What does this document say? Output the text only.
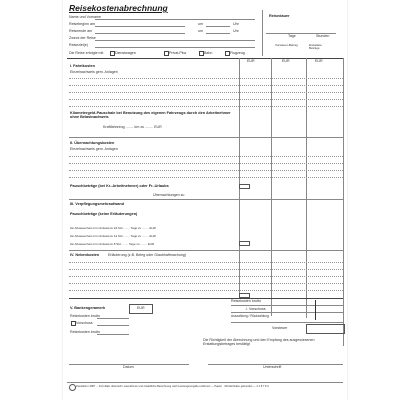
Reisekostenabrechnung
Name und Vorname
Reisebeginn am	um	Uhr
Reiseende am	um	Uhr
Zweck der Reise
Reiseziel(e)
Die Reise erfolgte mit	Dienstwagen	Privat-Pkw	Bahn	Flugzeug
Reisedauer
Tage	Stunden
Vorsteuer-Betrag	Erstattete Beträge
EUR	EUR	EUR
I. Fahrtkosten
Einzelnachweis gem. Anlagen
Kilometergeld-Pauschale bei Benutzung des eigenen Fahrzeugs durch den Arbeitnehmer ohne Belastnachweis
Kraftfahrzeug ........ km zu ........ EUR
II. Übernachtungskosten
Einzelnachweis gem. Anlagen
Pauschbeträge (bei Kr.-Arbeitnehmer) oder Fr.-Urlaubs
Übernachtungen zu
III. Verpflegungsmehraufwand
Pauschbeträge (keine Erläuterungen)
bei Abwesenheit mit mindestens 24 Std ........ Tage zu ........ EUR
bei Abwesenheit mit mindestens 14 Std ........ Tage zu ........ EUR
bei Abwesenheit mit mindestens 8 Std ........ Tage zu ........ EUR
IV. Nebenkosten Erläuterung (z.B. Beleg oder Glaubhaftmachung)
Reisekosten brutto
./. Vorschuss
Auszahlung / Rückzahlung
Vorsteuer
V. Bankengeramerk	EUR
Reisekosten brutto
Vorschuss
Reisekosten brutto
Die Richtigkeit der Abrechnung und den Empfang des ausgewiesenen Erstattungsbetrages bestätigt
Datum	Unterschrift
Zweckform 3087 ... Formblatt, überreicht, Ausnahmen und zusätzliche Berechnung nach Leistungsvorgabe entfernen — Papier · 100 Einheiten gebunden — 4 1 8 7 8 0
